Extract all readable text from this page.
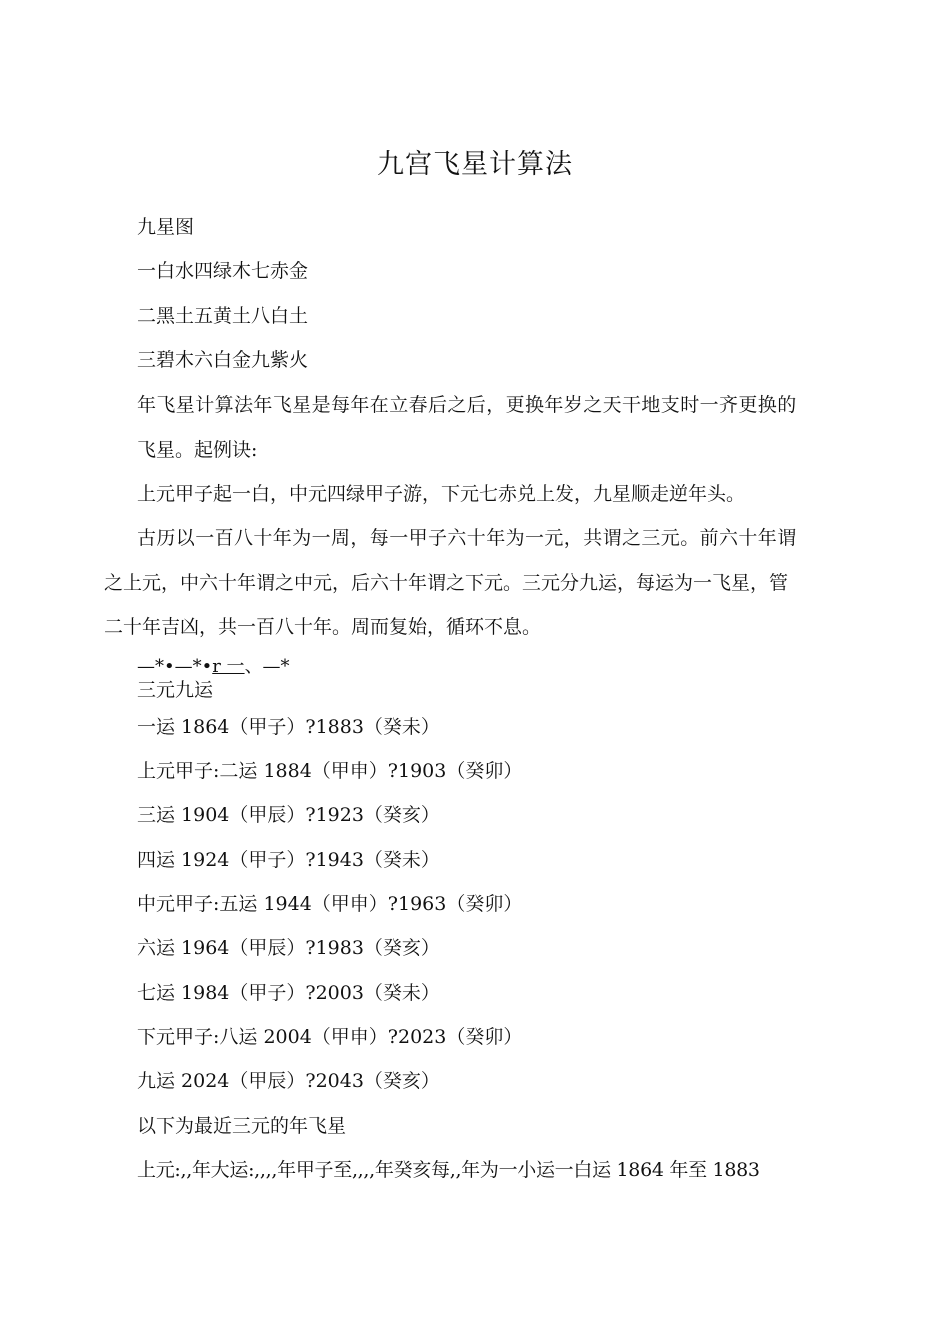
九宫飞星计算法
九星图
一白水四绿木七赤金
二黑土五黄土八白土
三碧木六白金九紫火
年飞星计算法年飞星是每年在立春后之后，更换年岁之天干地支时一齐更换的
飞星。起例诀:
上元甲子起一白，中元四绿甲子游，下元七赤兑上发，九星顺走逆年头。
古历以一百八十年为一周，每一甲子六十年为一元，共谓之三元。前六十年谓
之上元，中六十年谓之中元，后六十年谓之下元。三元分九运，每运为一飞星，管
二十年吉凶，共一百八十年。周而复始，循环不息。
—*•—*•r 一、—*
三元九运
一运 1864（甲子）?1883（癸未）
上元甲子:二运 1884（甲申）?1903（癸卯）
三运 1904（甲辰）?1923（癸亥）
四运 1924（甲子）?1943（癸未）
中元甲子:五运 1944（甲申）?1963（癸卯）
六运 1964（甲辰）?1983（癸亥）
七运 1984（甲子）?2003（癸未）
下元甲子:八运 2004（甲申）?2023（癸卯）
九运 2024（甲辰）?2043（癸亥）
以下为最近三元的年飞星
上元:,,年大运:,,,,年甲子至,,,,年癸亥每,,年为一小运一白运 1864 年至 1883
